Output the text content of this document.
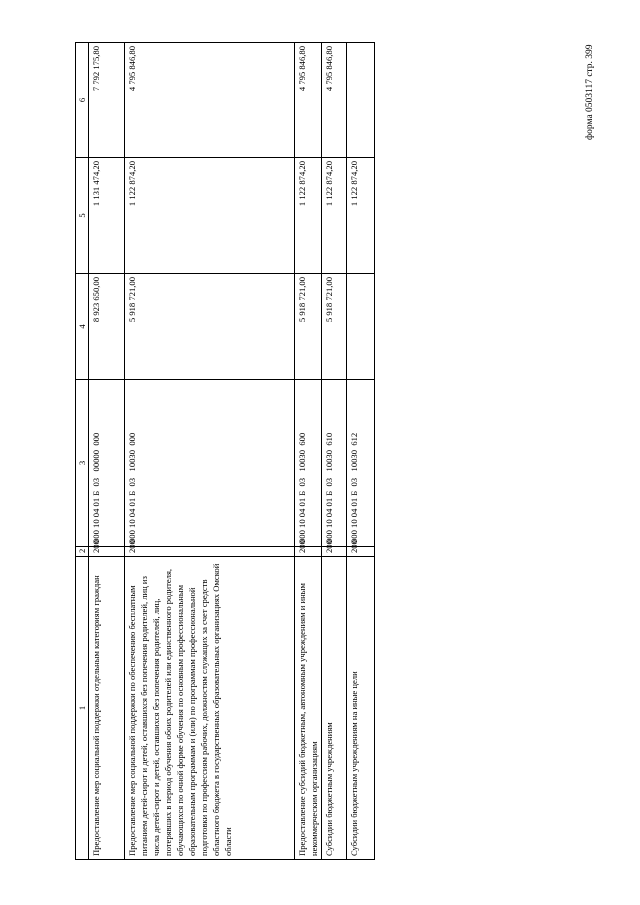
форма 0503117 стр. 399
1	2	3	4	5	6
Предоставление мер социальной поддержки отдельным категориям граждан	200	000 10 04 01 Б  03   00000  000	8 923 650,00	1 131 474,20	7 792 175,80
Предоставление мер социальной поддержки по обеспечению бесплатным питанием детей-сирот и детей, оставшихся без попечения родителей, лиц из числа детей-сирот и детей, оставшихся без попечения родителей, лиц, потерявших в период обучения обоих родителей или единственного родителя, обучающихся по очной форме обучения по основным профессиональным образовательным программам и (или) по программам профессиональной подготовки по профессиям рабочих, должностям служащих за счет средств областного бюджета в государственных образовательных организациях Омской области	200	000 10 04 01 Б  03   10030  000	5 918 721,00	1 122 874,20	4 795 846,80
Предоставление субсидий бюджетным, автономным учреждениям и иным некоммерческим организациям	200	000 10 04 01 Б  03   10030  600	5 918 721,00	1 122 874,20	4 795 846,80
Субсидии бюджетным учреждениям	200	000 10 04 01 Б  03   10030  610	5 918 721,00	1 122 874,20	4 795 846,80
Субсидии бюджетным учреждениям на иные цели	200	000 10 04 01 Б  03   10030  612		1 122 874,20	
